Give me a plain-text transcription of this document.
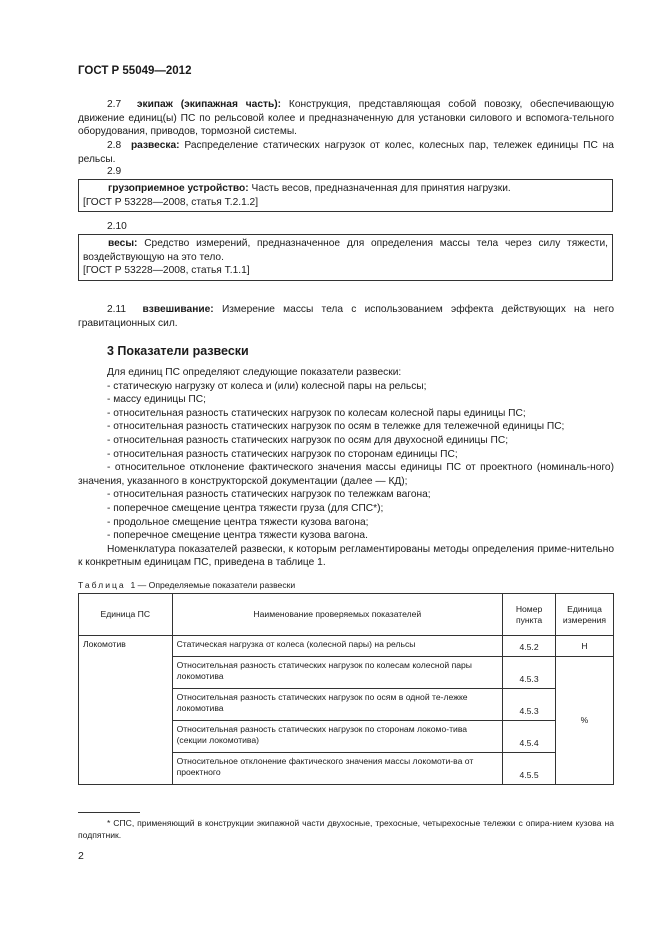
ГОСТ Р 55049—2012
2.7 экипаж (экипажная часть): Конструкция, представляющая собой повозку, обеспечивающую движение единиц(ы) ПС по рельсовой колее и предназначенную для установки силового и вспомога-тельного оборудования, приводов, тормозной системы.
2.8 развеска: Распределение статических нагрузок от колес, колесных пар, тележек единицы ПС на рельсы.
2.9
грузоприемное устройство: Часть весов, предназначенная для принятия нагрузки.
[ГОСТ Р 53228—2008, статья Т.2.1.2]
2.10
весы: Средство измерений, предназначенное для определения массы тела через силу тяжести, воздействующую на это тело.
[ГОСТ Р 53228—2008, статья Т.1.1]
2.11 взвешивание: Измерение массы тела с использованием эффекта действующих на него гравитационных сил.
3 Показатели развески

Для единиц ПС определяют следующие показатели развески:

- статическую нагрузку от колеса и (или) колесной пары на рельсы;

- массу единицы ПС;

- относительная разность статических нагрузок по колесам колесной пары единицы ПС;

- относительная разность статических нагрузок по осям в тележке для тележечной единицы ПС;

- относительная разность статических нагрузок по осям для двухосной единицы ПС;

- относительная разность статических нагрузок по сторонам единицы ПС;

- относительное отклонение фактического значения массы единицы ПС от проектного (номиналь-ного) значения, указанного в конструкторской документации (далее — КД);

- относительная разность статических нагрузок по тележкам вагона;

- поперечное смещение центра тяжести груза (для СПС*);

- продольное смещение центра тяжести кузова вагона;

- поперечное смещение центра тяжести кузова вагона.

Номенклатура показателей развески, к которым регламентированы методы определения приме-нительно к конкретным единицам ПС, приведена в таблице 1.

Таблица 1 — Определяемые показатели развески
Единица ПС	Наименование проверяемых показателей	Номер пункта	Единица измерения
Локомотив	Статическая нагрузка от колеса (колесной пары) на рельсы	4.5.2	Н
	Относительная разность статических нагрузок по колесам колесной пары локомотива	4.5.3	%
	Относительная разность статических нагрузок по осям в одной те-лежке локомотива	4.5.3	
	Относительная разность статических нагрузок по сторонам локомо-тива (секции локомотива)	4.5.4	
	Относительное отклонение фактического значения массы локомоти-ва от проектного	4.5.5	
* СПС, применяющий в конструкции экипажной части двухосные, трехосные, четырехосные тележки с опира-нием кузова на подпятник.
2
